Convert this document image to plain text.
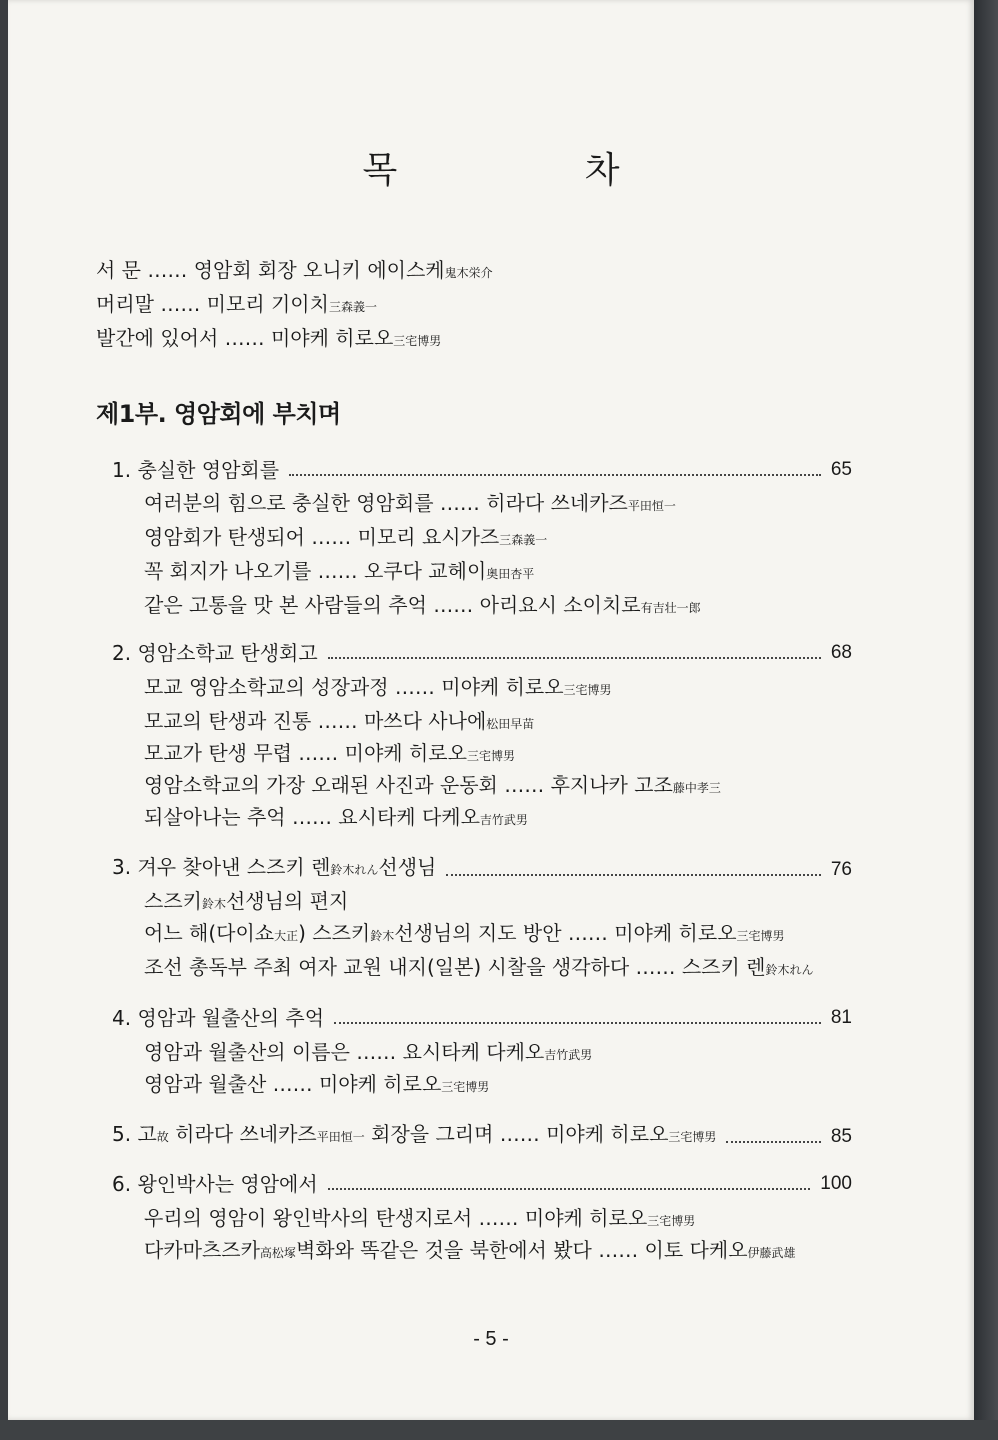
목 차
서 문 …… 영암회 회장 오니키 에이스케鬼木栄介
머리말 …… 미모리 기이치三森義一
발간에 있어서 …… 미야케 히로오三宅博男
제1부. 영암회에 부치며
1. 충실한 영암회를	65
여러분의 힘으로 충실한 영암회를 …… 히라다 쓰네카즈平田恒一
영암회가 탄생되어 …… 미모리 요시가즈三森義一
꼭 회지가 나오기를 …… 오쿠다 교헤이奥田杏平
같은 고통을 맛 본 사람들의 추억 …… 아리요시 소이치로有吉壮一郎
2. 영암소학교 탄생회고	68
모교 영암소학교의 성장과정 …… 미야케 히로오三宅博男
모교의 탄생과 진통 …… 마쓰다 사나에松田早苗
모교가 탄생 무렵 …… 미야케 히로오三宅博男
영암소학교의 가장 오래된 사진과 운동회 …… 후지나카 고조藤中孝三
되살아나는 추억 …… 요시타케 다케오吉竹武男
3. 겨우 찾아낸 스즈키 렌鈴木れん선생님	76
스즈키鈴木선생님의 편지
어느 해(다이쇼大正) 스즈키鈴木선생님의 지도 방안 …… 미야케 히로오三宅博男
조선 총독부 주최 여자 교원 내지(일본) 시찰을 생각하다 …… 스즈키 렌鈴木れん
4. 영암과 월출산의 추억	81
영암과 월출산의 이름은 …… 요시타케 다케오吉竹武男
영암과 월출산 …… 미야케 히로오三宅博男
5. 고故 히라다 쓰네카즈平田恒一 회장을 그리며 …… 미야케 히로오三宅博男	85
6. 왕인박사는 영암에서	100
우리의 영암이 왕인박사의 탄생지로서 …… 미야케 히로오三宅博男
다카마츠즈카高松塚벽화와 똑같은 것을 북한에서 봤다 …… 이토 다케오伊藤武雄
- 5 -
